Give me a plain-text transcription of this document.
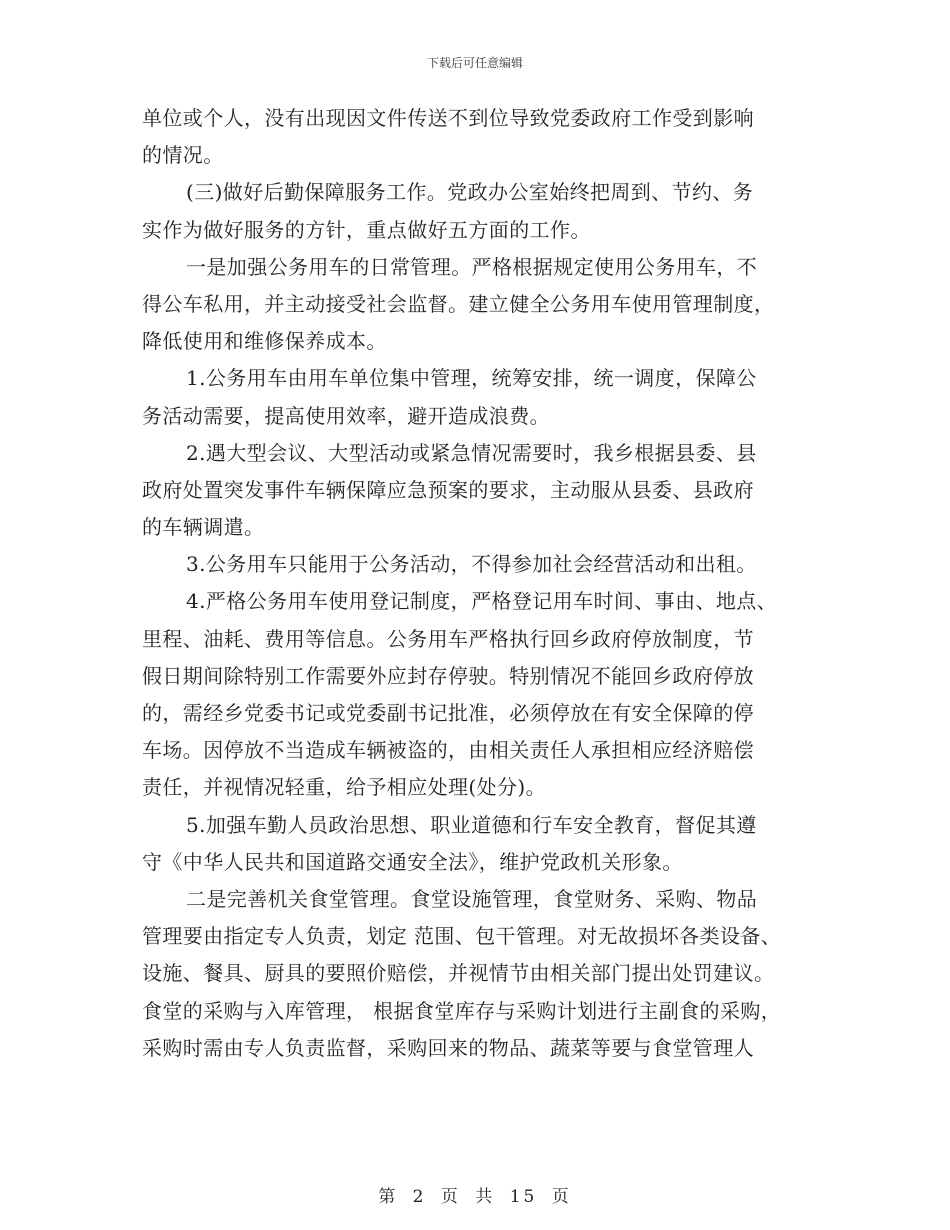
下载后可任意编辑
单位或个人，没有出现因文件传送不到位导致党委政府工作受到影响
的情况。
(三)做好后勤保障服务工作。党政办公室始终把周到、节约、务
实作为做好服务的方针，重点做好五方面的工作。
一是加强公务用车的日常管理。严格根据规定使用公务用车，不
得公车私用，并主动接受社会监督。建立健全公务用车使用管理制度，
降低使用和维修保养成本。
1.公务用车由用车单位集中管理，统筹安排，统一调度，保障公
务活动需要，提高使用效率，避开造成浪费。
2.遇大型会议、大型活动或紧急情况需要时，我乡根据县委、县
政府处置突发事件车辆保障应急预案的要求，主动服从县委、县政府
的车辆调遣。
3.公务用车只能用于公务活动，不得参加社会经营活动和出租。
4.严格公务用车使用登记制度，严格登记用车时间、事由、地点、
里程、油耗、费用等信息。公务用车严格执行回乡政府停放制度，节
假日期间除特别工作需要外应封存停驶。特别情况不能回乡政府停放
的，需经乡党委书记或党委副书记批准，必须停放在有安全保障的停
车场。因停放不当造成车辆被盗的，由相关责任人承担相应经济赔偿
责任，并视情况轻重，给予相应处理(处分)。
5.加强车勤人员政治思想、职业道德和行车安全教育，督促其遵
守《中华人民共和国道路交通安全法》，维护党政机关形象。
二是完善机关食堂管理。食堂设施管理，食堂财务、采购、物品
管理要由指定专人负责，划定 范围、包干管理。对无故损坏各类设备、
设施、餐具、厨具的要照价赔偿，并视情节由相关部门提出处罚建议。
食堂的采购与入库管理， 根据食堂库存与采购计划进行主副食的采购，
采购时需由专人负责监督，采购回来的物品、蔬菜等要与食堂管理人
第 2 页 共 15 页
